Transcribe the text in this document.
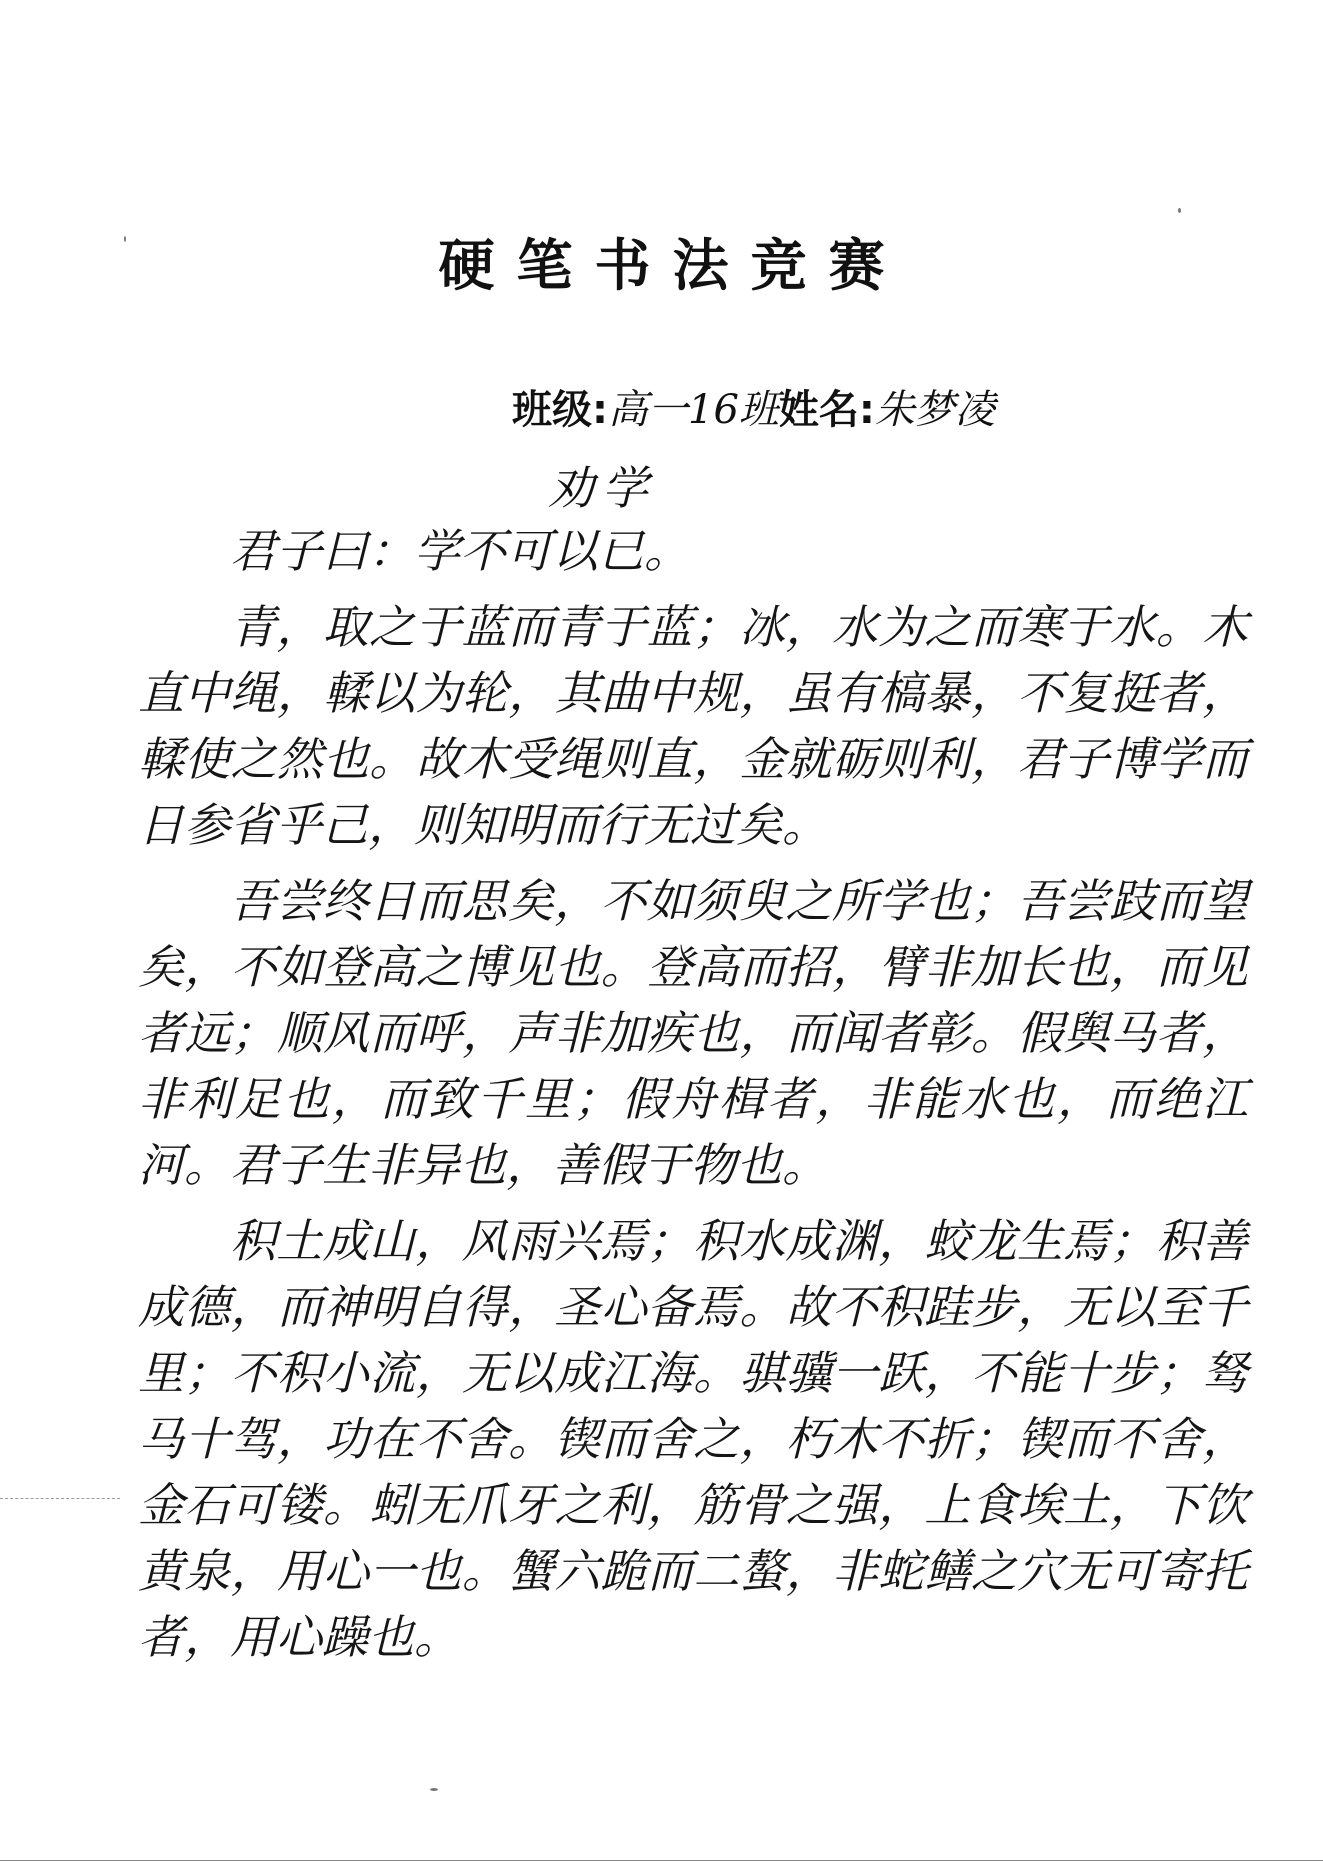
硬笔书法竞赛
班级:高一16班姓名:朱梦凌
劝学

君子曰：学不可以已。

青，取之于蓝而青于蓝；冰，水为之而寒于水。木直中绳，輮以为轮，其曲中规，虽有槁暴，不复挺者，輮使之然也。故木受绳则直，金就砺则利，君子博学而日参省乎己，则知明而行无过矣。

吾尝终日而思矣，不如须臾之所学也；吾尝跂而望矣，不如登高之博见也。登高而招，臂非加长也，而见者远；顺风而呼，声非加疾也，而闻者彰。假舆马者，非利足也，而致千里；假舟楫者，非能水也，而绝江河。君子生非异也，善假于物也。

积土成山，风雨兴焉；积水成渊，蛟龙生焉；积善成德，而神明自得，圣心备焉。故不积跬步，无以至千里；不积小流，无以成江海。骐骥一跃，不能十步；驽马十驾，功在不舍。锲而舍之，朽木不折；锲而不舍，金石可镂。蚓无爪牙之利，筋骨之强，上食埃土，下饮黄泉，用心一也。蟹六跪而二螯，非蛇鳝之穴无可寄托者，用心躁也。
